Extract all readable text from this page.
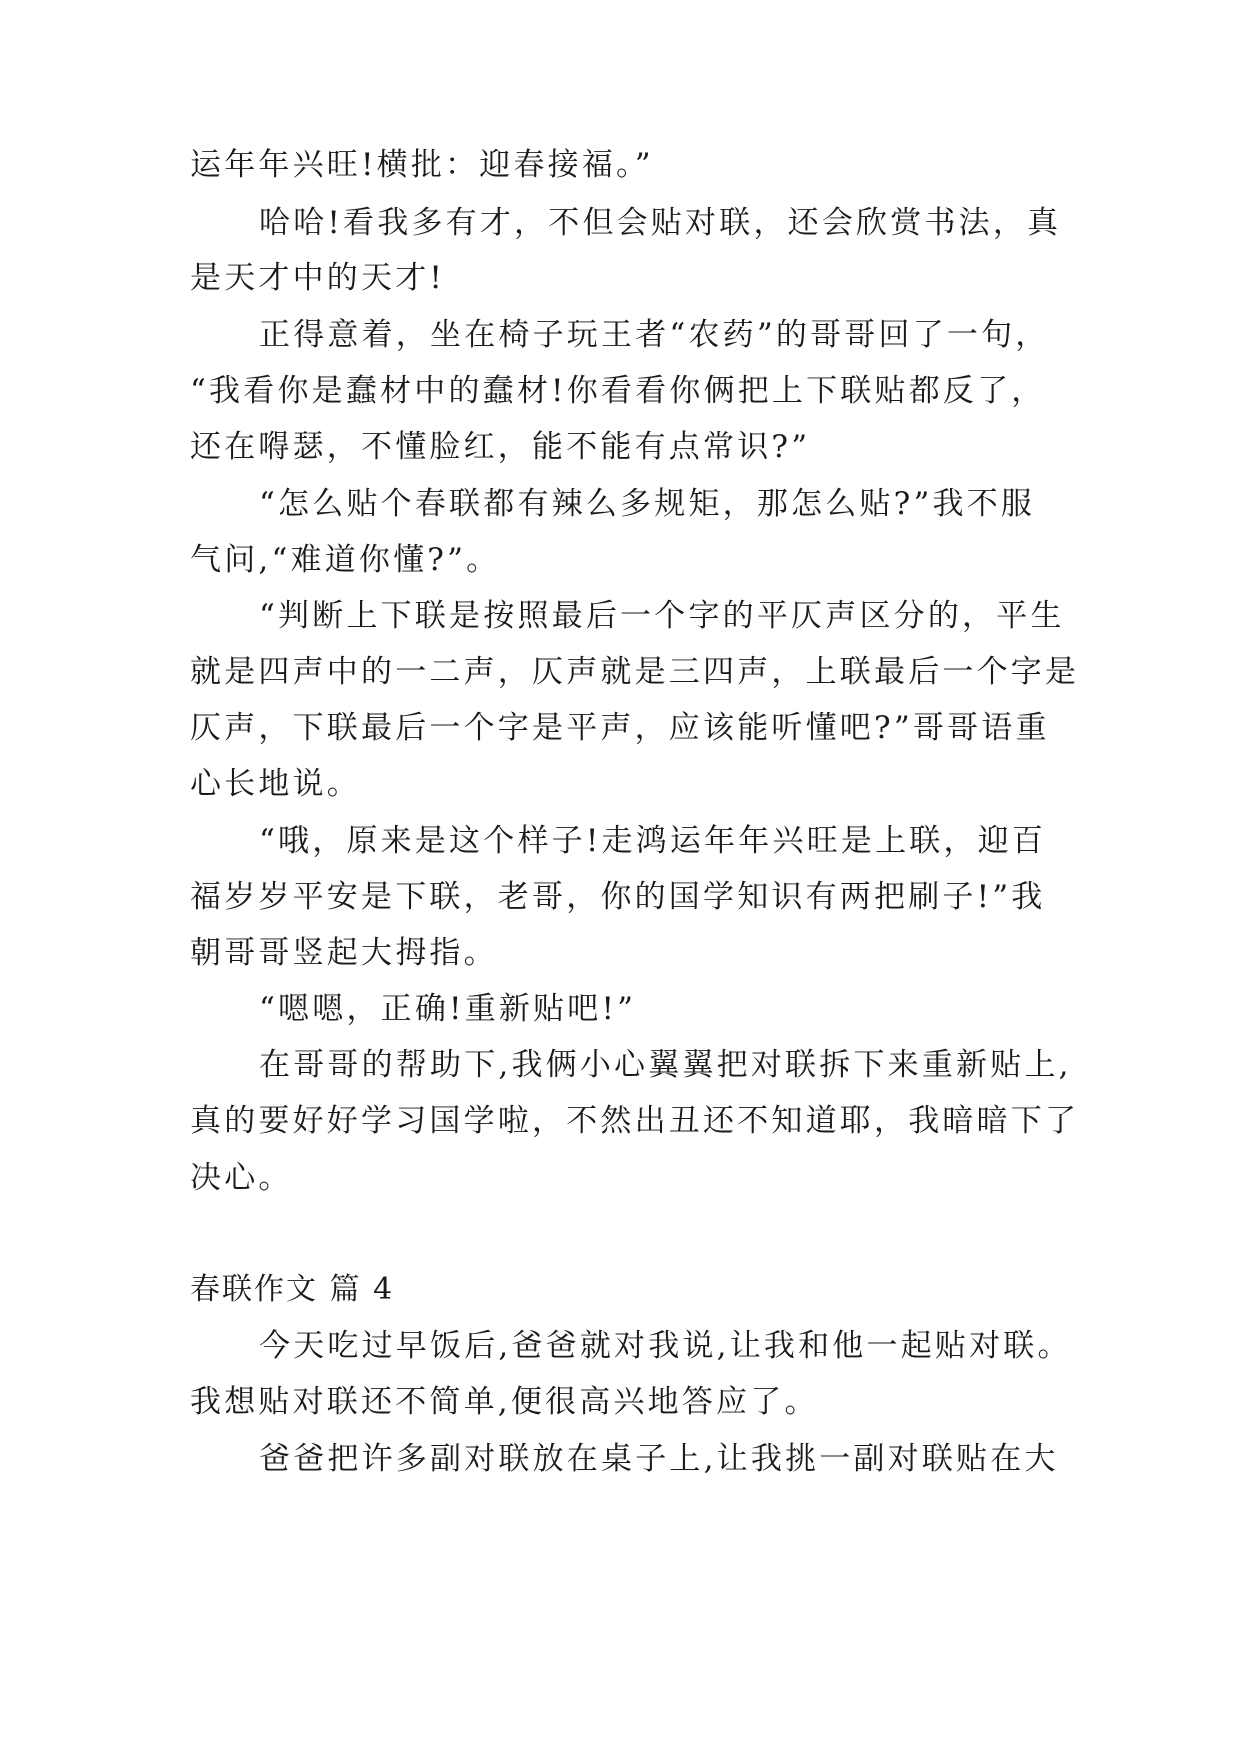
运年年兴旺!横批：迎春接福。”
哈哈!看我多有才，不但会贴对联，还会欣赏书法，真
是天才中的天才!
正得意着，坐在椅子玩王者“农药”的哥哥回了一句，
“我看你是蠢材中的蠢材!你看看你俩把上下联贴都反了，
还在嘚瑟，不懂脸红，能不能有点常识?”
“怎么贴个春联都有辣么多规矩，那怎么贴?”我不服
气问,“难道你懂?”。
“判断上下联是按照最后一个字的平仄声区分的，平生
就是四声中的一二声，仄声就是三四声，上联最后一个字是
仄声，下联最后一个字是平声，应该能听懂吧?”哥哥语重
心长地说。
“哦，原来是这个样子!走鸿运年年兴旺是上联，迎百
福岁岁平安是下联，老哥，你的国学知识有两把刷子!”我
朝哥哥竖起大拇指。
“嗯嗯，正确!重新贴吧!”
在哥哥的帮助下,我俩小心翼翼把对联拆下来重新贴上,
真的要好好学习国学啦，不然出丑还不知道耶，我暗暗下了
决心。
春联作文 篇 4
今天吃过早饭后,爸爸就对我说,让我和他一起贴对联。
我想贴对联还不简单,便很高兴地答应了。
爸爸把许多副对联放在桌子上,让我挑一副对联贴在大
